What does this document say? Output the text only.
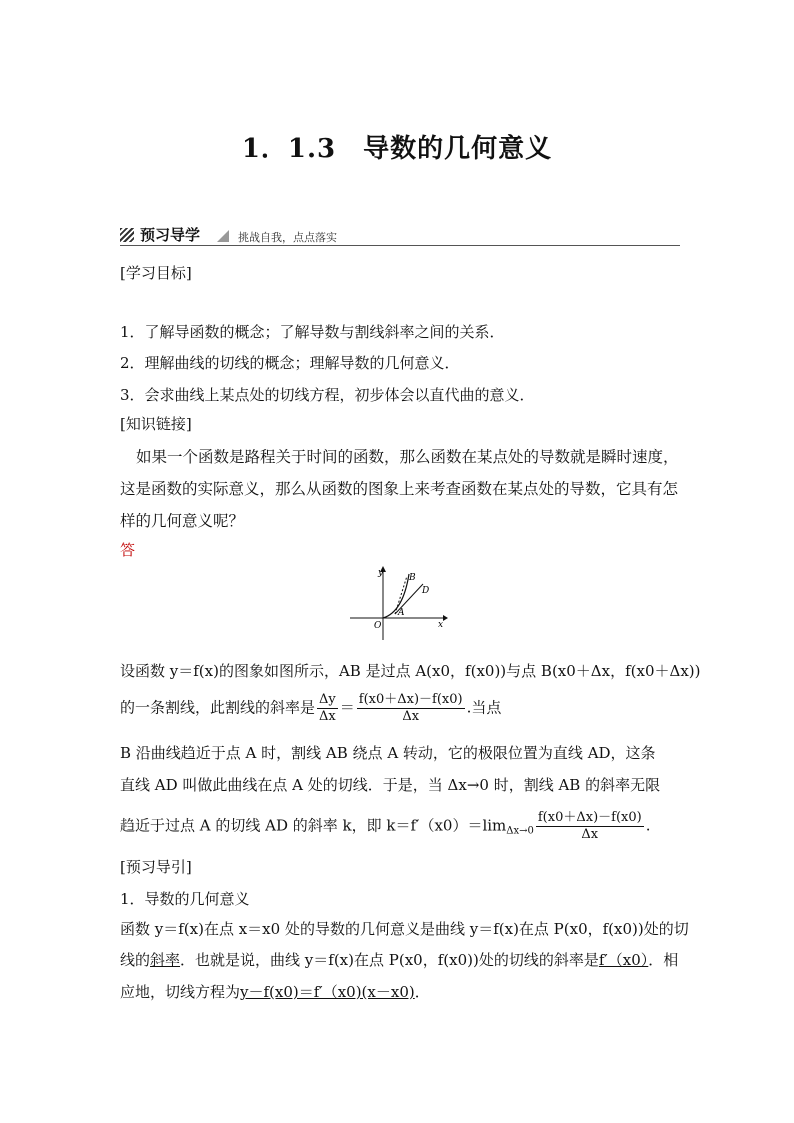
1．1.3　导数的几何意义
预习导学	挑战自我，点点落实
[学习目标]
1．了解导函数的概念；了解导数与割线斜率之间的关系．
2．理解曲线的切线的概念；理解导数的几何意义．
3．会求曲线上某点处的切线方程，初步体会以直代曲的意义．
[知识链接]
如果一个函数是路程关于时间的函数，那么函数在某点处的导数就是瞬时速度，这是函数的实际意义，那么从函数的图象上来考查函数在某点处的导数，它具有怎样的几何意义呢？
答
y
x
O
A
B
D
设函数 y＝f(x)的图象如图所示，AB 是过点 A(x0，f(x0))与点 B(x0＋Δx，f(x0＋Δx))
的一条割线，此割线的斜率是 $\frac{\Delta y}{\Delta x} = \frac{f(x0+\Delta x)-f(x0)}{\Delta x}$ .当点
B 沿曲线趋近于点 A 时，割线 AB 绕点 A 转动，它的极限位置为直线 AD，这条
直线 AD 叫做此曲线在点 A 处的切线．于是，当 Δx→0 时，割线 AB 的斜率无限
趋近于过点 A 的切线 AD 的斜率 k，即 $k=f'(x0)=\lim_{\Delta x\to 0} \frac{f(x0+\Delta x)-f(x0)}{\Delta x}$ .
[预习导引]
1．导数的几何意义
函数 y＝f(x)在点 x＝x0 处的导数的几何意义是曲线 y＝f(x)在点 P(x0，f(x0))处的切
线的斜率．也就是说，曲线 y＝f(x)在点 P(x0，f(x0))处的切线的斜率是f′（x0）．相
应地，切线方程为y－f(x0)＝f′（x0)(x－x0)．
